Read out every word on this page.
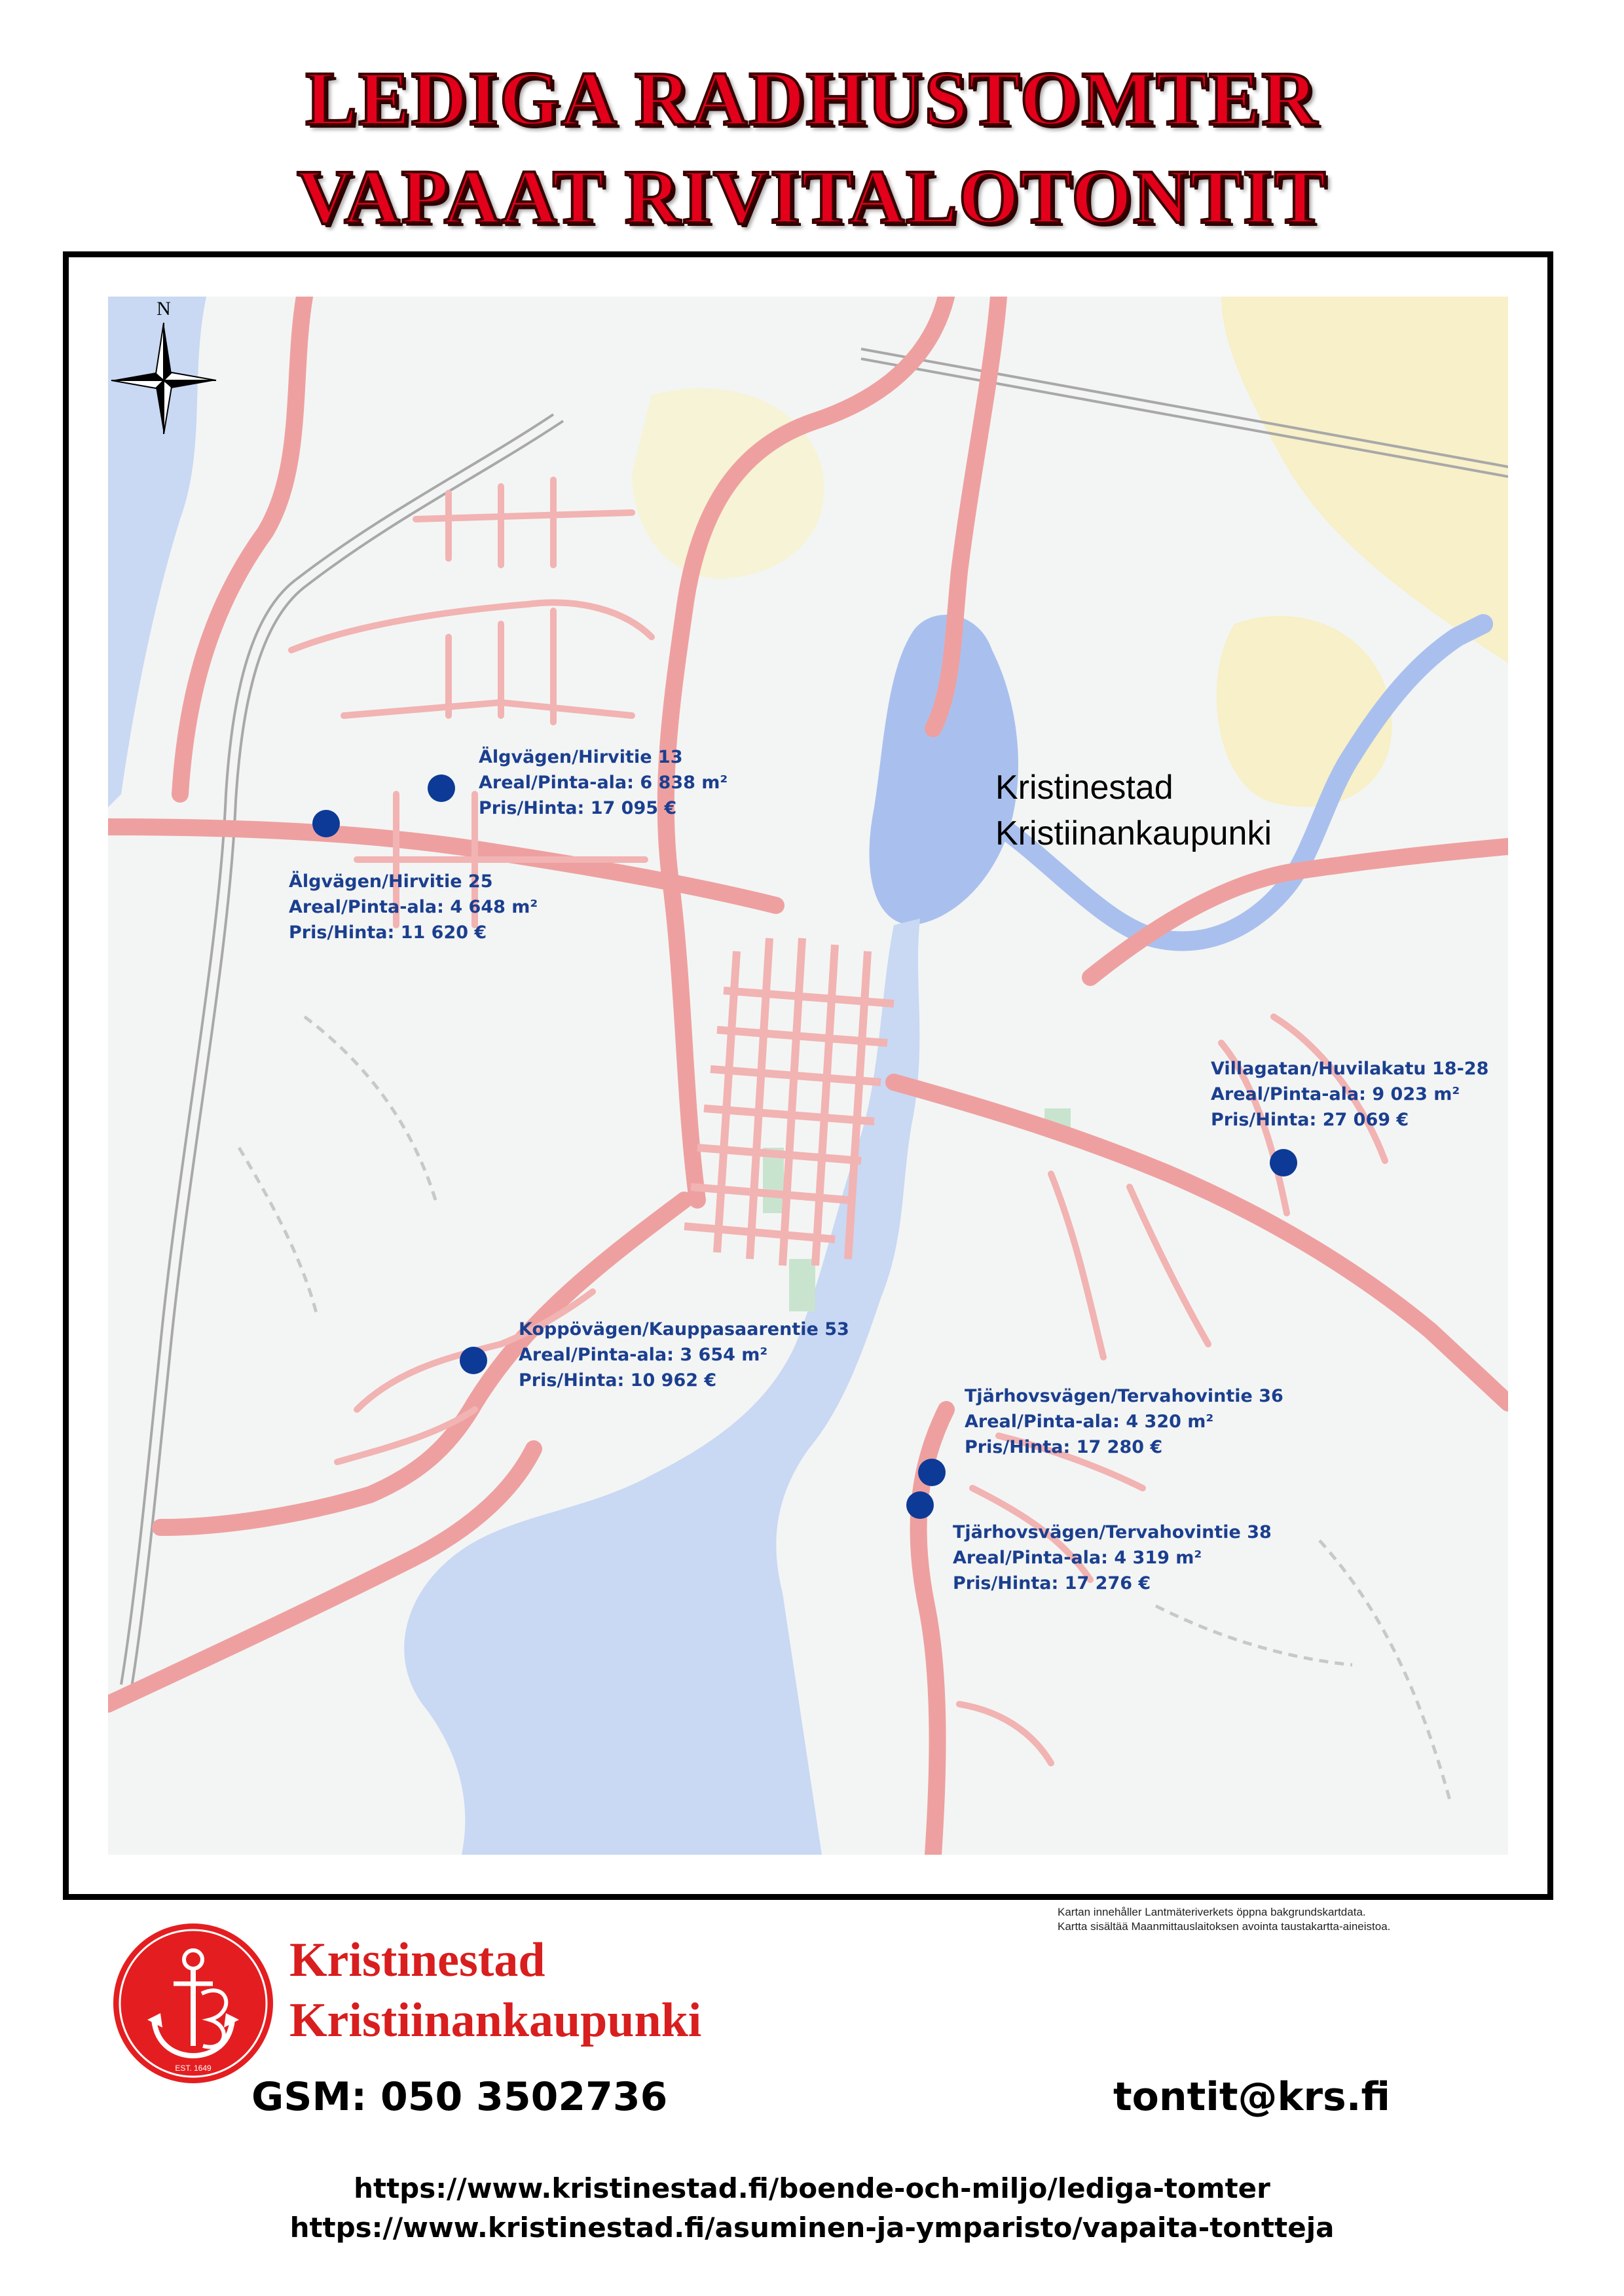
LEDIGA RADHUSTOMTER
VAPAAT RIVITALOTONTIT
Kristinestad
Kristiinankaupunki
Älgvägen/Hirvitie 13
Areal/Pinta-ala: 6 838 m²
Pris/Hinta: 17 095 €
Älgvägen/Hirvitie 25
Areal/Pinta-ala: 4 648 m²
Pris/Hinta: 11 620 €
Villagatan/Huvilakatu 18-28
Areal/Pinta-ala: 9 023 m²
Pris/Hinta: 27 069 €
Koppövägen/Kauppasaarentie 53
Areal/Pinta-ala: 3 654 m²
Pris/Hinta: 10 962 €
Tjärhovsvägen/Tervahovintie 36
Areal/Pinta-ala: 4 320 m²
Pris/Hinta: 17 280 €
Tjärhovsvägen/Tervahovintie 38
Areal/Pinta-ala: 4 319 m²
Pris/Hinta: 17 276 €
N
Kartan innehåller Lantmäteriverkets öppna bakgrundskartdata.
Kartta sisältää Maanmittauslaitoksen avointa taustakartta-aineistoa.
EST. 1649
Kristinestad
Kristiinankaupunki
GSM: 050 3502736	tontit@krs.fi
https://www.kristinestad.fi/boende-och-miljo/lediga-tomter
https://www.kristinestad.fi/asuminen-ja-ymparisto/vapaita-tontteja
